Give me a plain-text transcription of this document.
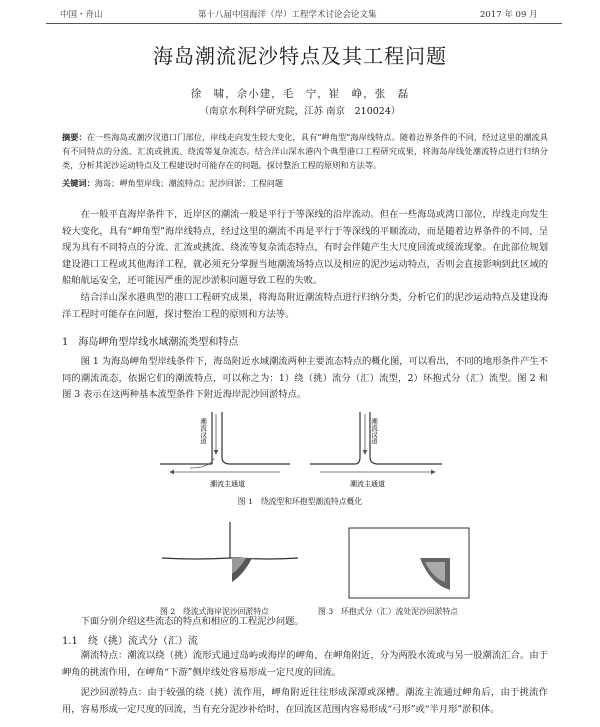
中国・舟山	第十八届中国海洋（岸）工程学术讨论会论文集	2017 年 09 月
海岛潮流泥沙特点及其工程问题
徐　啸，佘小建，毛　宁，崔　峥，张　磊
（南京水利科学研究院，江苏 南京　210024）
摘要：在一些海岛或潮汐汊道口门部位，岸线走向发生较大变化，具有“岬角型”海岸线特点。随着边界条件的不同，经过这里的潮流具有不同特点的分流、汇流或挑流、绕流等复杂流态。结合洋山深水港内个典型港口工程研究成果，将海岛岸线处潮流特点进行归纳分类，分析其泥沙运动特点及工程建设时可能存在的问题，探讨整治工程的原则和方法等。
关键词：海岛；岬角型岸线；潮流特点；泥沙回淤；工程问题
在一般平直海岸条件下，近岸区的潮流一般是平行于等深线的沿岸流动。但在一些海岛或湾口部位，岸线走向发生较大变化，具有“岬角型”海岸线特点，经过这里的潮流不再是平行于等深线的平顺流动，而是随着边界条件的不同，呈现为具有不同特点的分流、汇流或挑流、绕流等复杂流态特点，有时会伴随产生大尺度回流或缓流现象。在此部位规划建设港口工程或其他海洋工程，就必须充分掌握当地潮流场特点以及相应的泥沙运动特点，否则会直接影响到此区域的船舶航运安全，还可能因严重的泥沙淤积问题导致工程的失败。
结合洋山深水港典型的港口工程研究成果，将海岛附近潮流特点进行归纳分类，分析它们的泥沙运动特点及建设海洋工程时可能存在问题，探讨整治工程的原则和方法等。
1　海岛岬角型岸线水域潮流类型和特点
图 1 为海岛岬角型岸线条件下，海岛附近水域潮流两种主要流态特点的概化图，可以看出，不同的地形条件产生不同的潮流流态，依据它们的潮流特点，可以称之为：1）绕（挑）流分（汇）流型，2）环抱式分（汇）流型。图 2 和图 3 表示在这两种基本流型条件下附近海岸泥沙回淤特点。
潮流汊道
潮流主通道
潮流汊道
潮流主通道
图 1　绕流型和环抱型潮流特点概化
图 2　绕流式海岸泥沙回淤特点	图 3　环抱式分（汇）流处泥沙回淤特点
下面分别介绍这些流态的特点和相应的工程泥沙问题。
1.1　绕（挑）流式分（汇）流
潮流特点：潮流以绕（挑）流形式通过岛屿或海岸的岬角，在岬角附近，分为两股水流或与另一股潮流汇合。由于岬角的挑流作用，在岬角“下游”侧岸线处容易形成一定尺度的回流。
泥沙回淤特点：由于较强的绕（挑）流作用，岬角附近往往形成深潭或深槽。潮流主流通过岬角后，由于挑流作用，容易形成一定尺度的回流，当有充分泥沙补给时，在回流区范围内容易形成“弓形”或“半月形”淤积体。
